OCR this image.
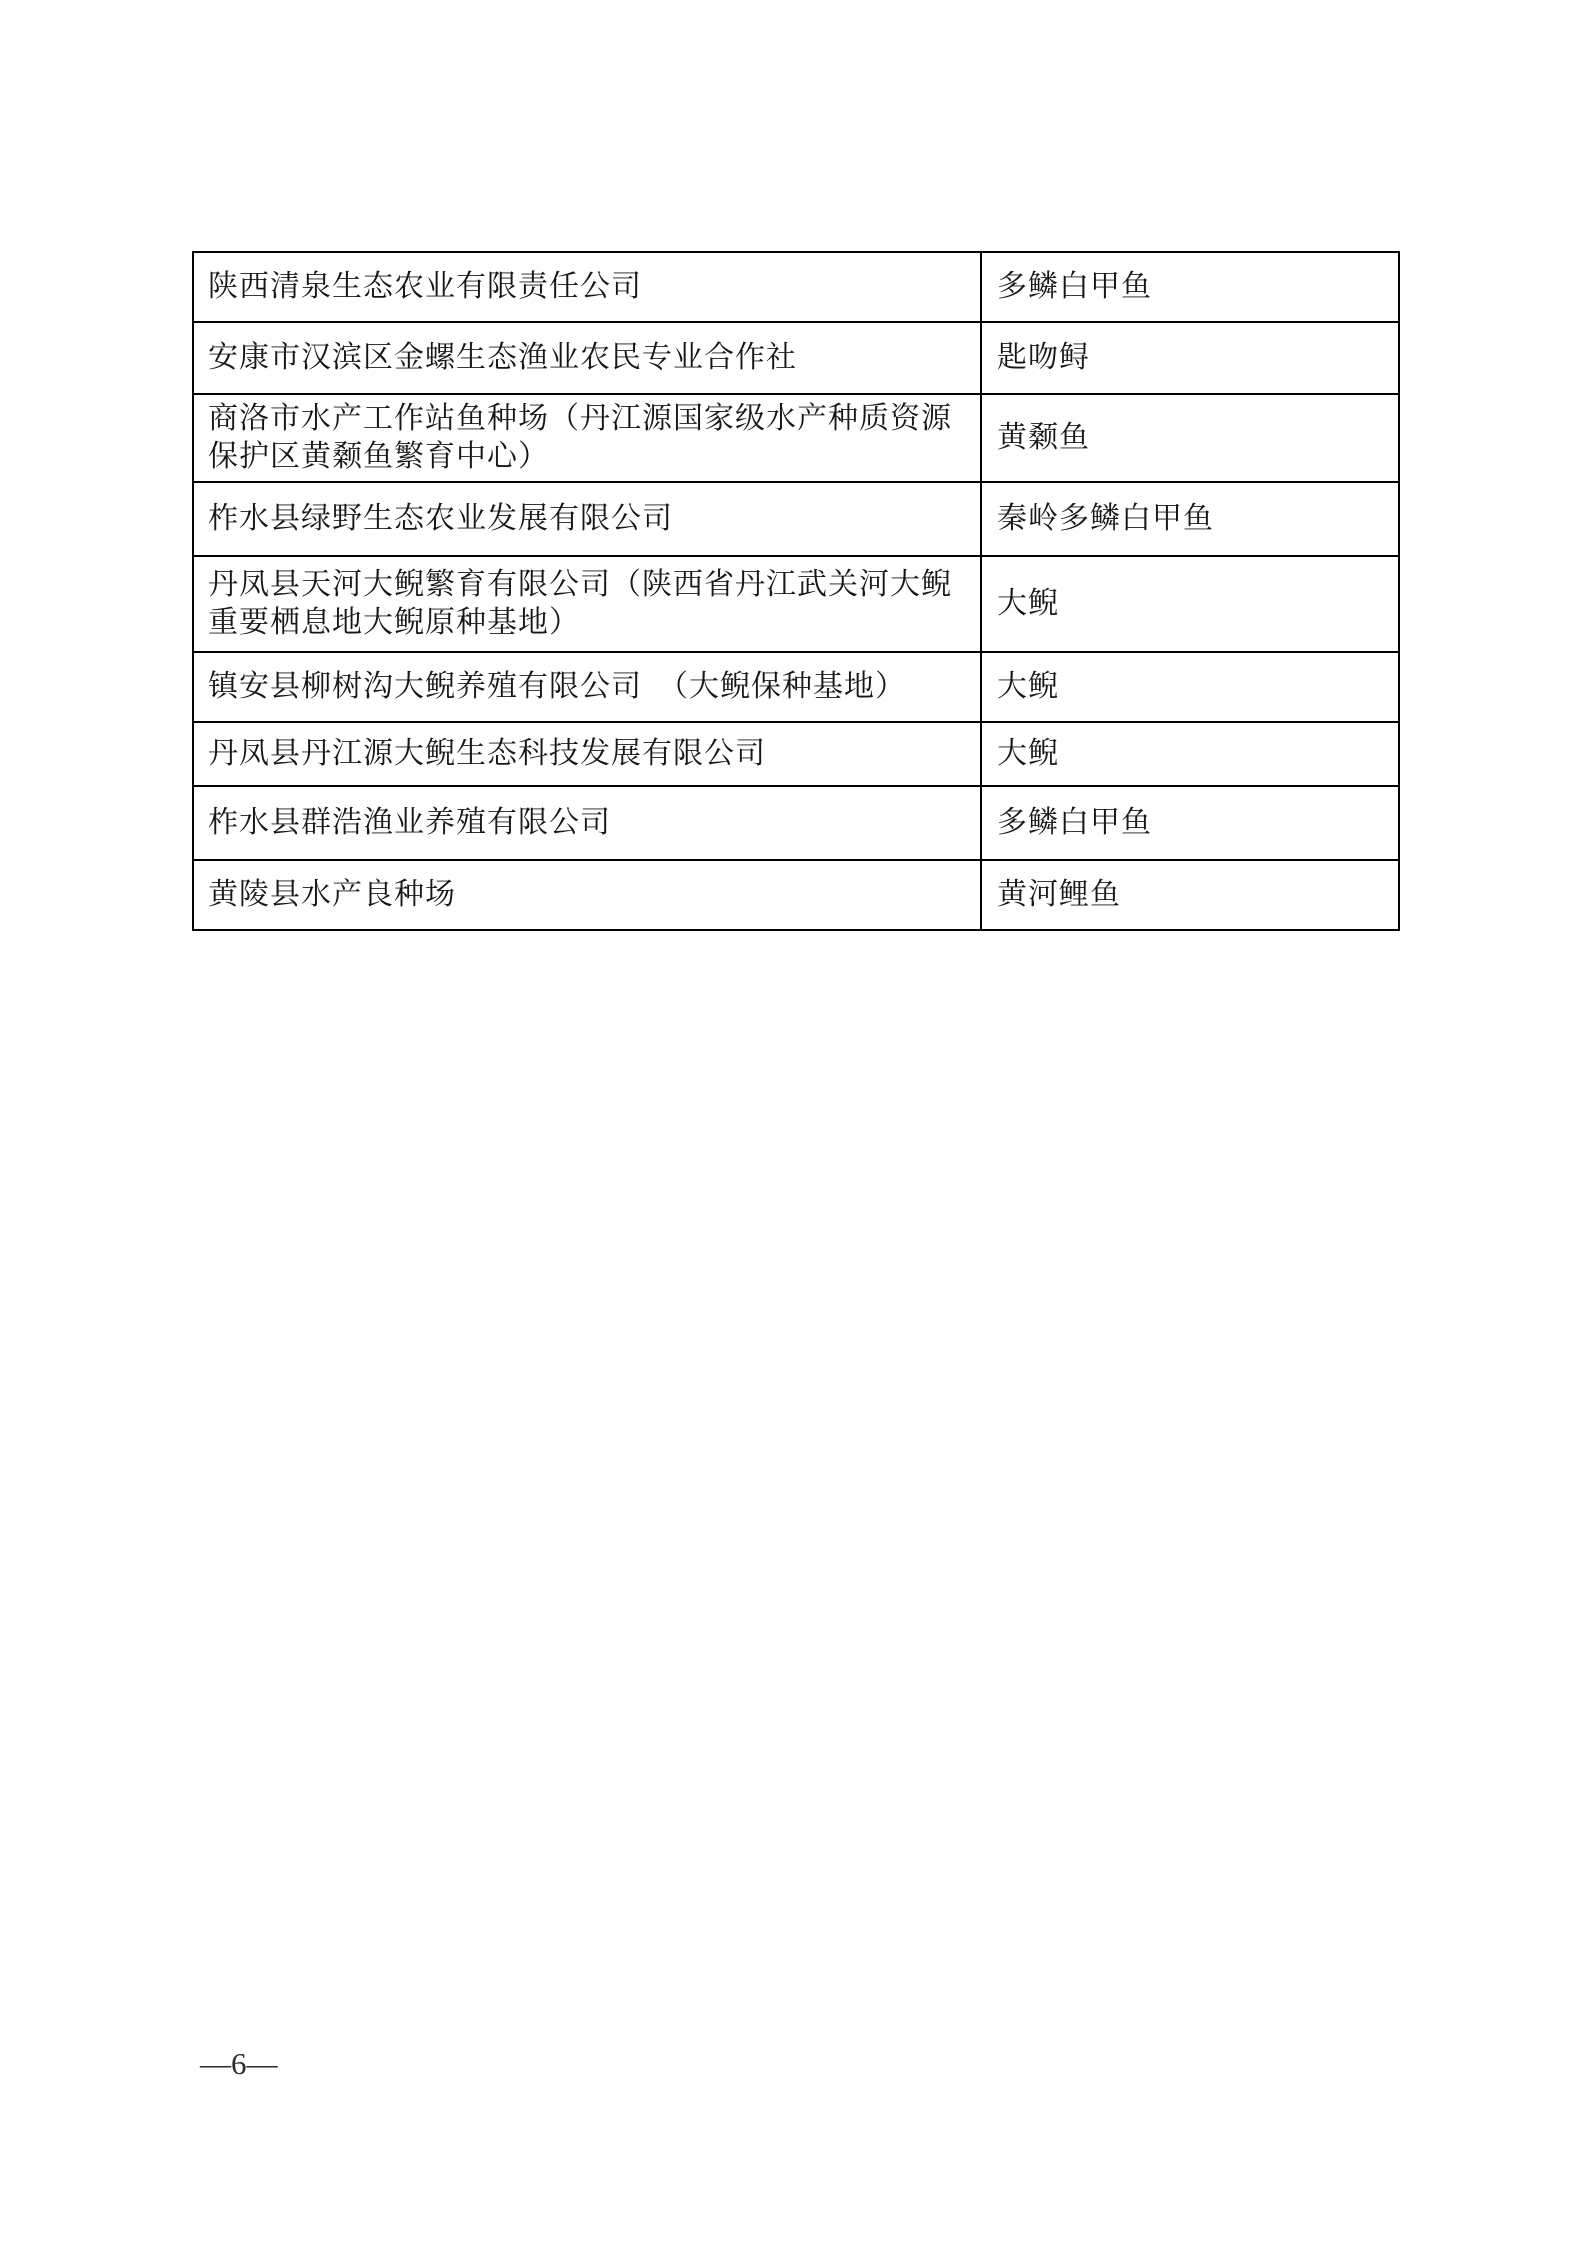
陕西清泉生态农业有限责任公司	多鳞白甲鱼
安康市汉滨区金螺生态渔业农民专业合作社	匙吻鲟
商洛市水产工作站鱼种场（丹江源国家级水产种质资源保护区黄颡鱼繁育中心）	黄颡鱼
柞水县绿野生态农业发展有限公司	秦岭多鳞白甲鱼
丹凤县天河大鲵繁育有限公司（陕西省丹江武关河大鲵重要栖息地大鲵原种基地）	大鲵
镇安县柳树沟大鲵养殖有限公司　（大鲵保种基地）	大鲵
丹凤县丹江源大鲵生态科技发展有限公司	大鲵
柞水县群浩渔业养殖有限公司	多鳞白甲鱼
黄陵县水产良种场	黄河鲤鱼
—6—
